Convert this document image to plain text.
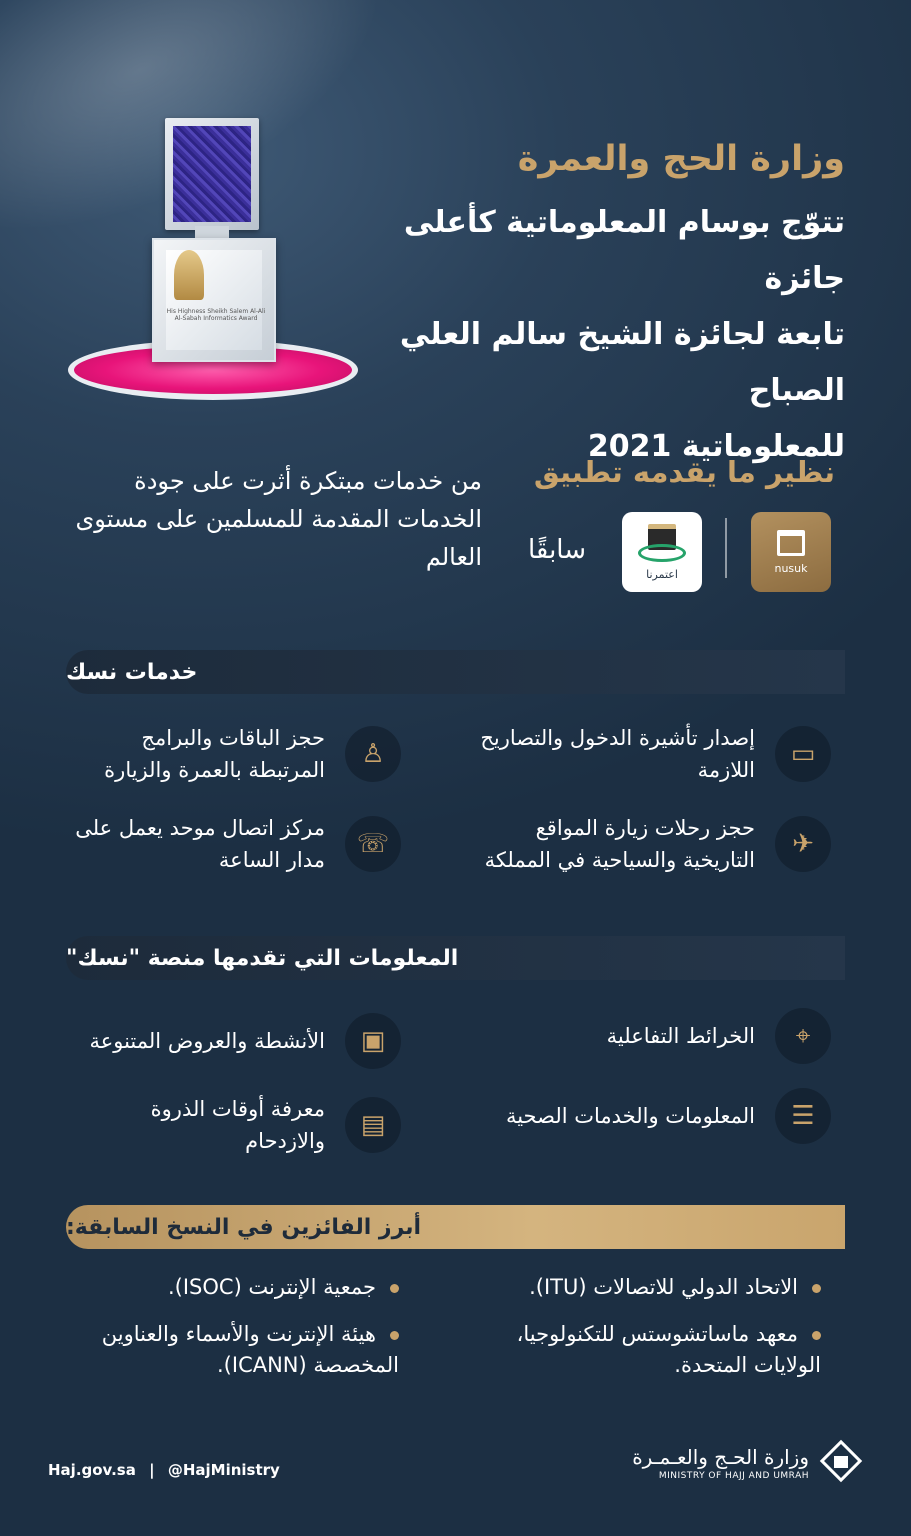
His Highness Sheikh Salem Al-Ali Al-Sabah Informatics Award
وزارة الحج والعمرة
تتوّج بوسام المعلوماتية كأعلى جائزة
تابعة لجائزة الشيخ سالم العلي الصباح
للمعلوماتية 2021
نظير ما يقدمه تطبيق
nusuk
اعتمرنا
سابقًا
من خدمات مبتكرة أثرت على جودة الخدمات المقدمة للمسلمين على مستوى العالم
خدمات نسك
▭
إصدار تأشيرة الدخول والتصاريح اللازمة
♙
حجز الباقات والبرامج المرتبطة بالعمرة والزيارة
✈
حجز رحلات زيارة المواقع التاريخية والسياحية في المملكة
☏
مركز اتصال موحد يعمل على مدار الساعة
المعلومات التي تقدمها منصة "نسك"
⌖
الخرائط التفاعلية
▣
الأنشطة والعروض المتنوعة
☰
المعلومات والخدمات الصحية
▤
معرفة أوقات الذروة والازدحام
أبرز الفائزين في النسخ السابقة:
الاتحاد الدولي للاتصالات (ITU).
جمعية الإنترنت (ISOC).
معهد ماساتشوستس للتكنولوجيا، الولايات المتحدة.
هيئة الإنترنت والأسماء والعناوين المخصصة (ICANN).
Haj.gov.sa | @HajMinistry
وزارة الحـج والعـمـرة
MINISTRY OF HAJJ AND UMRAH
